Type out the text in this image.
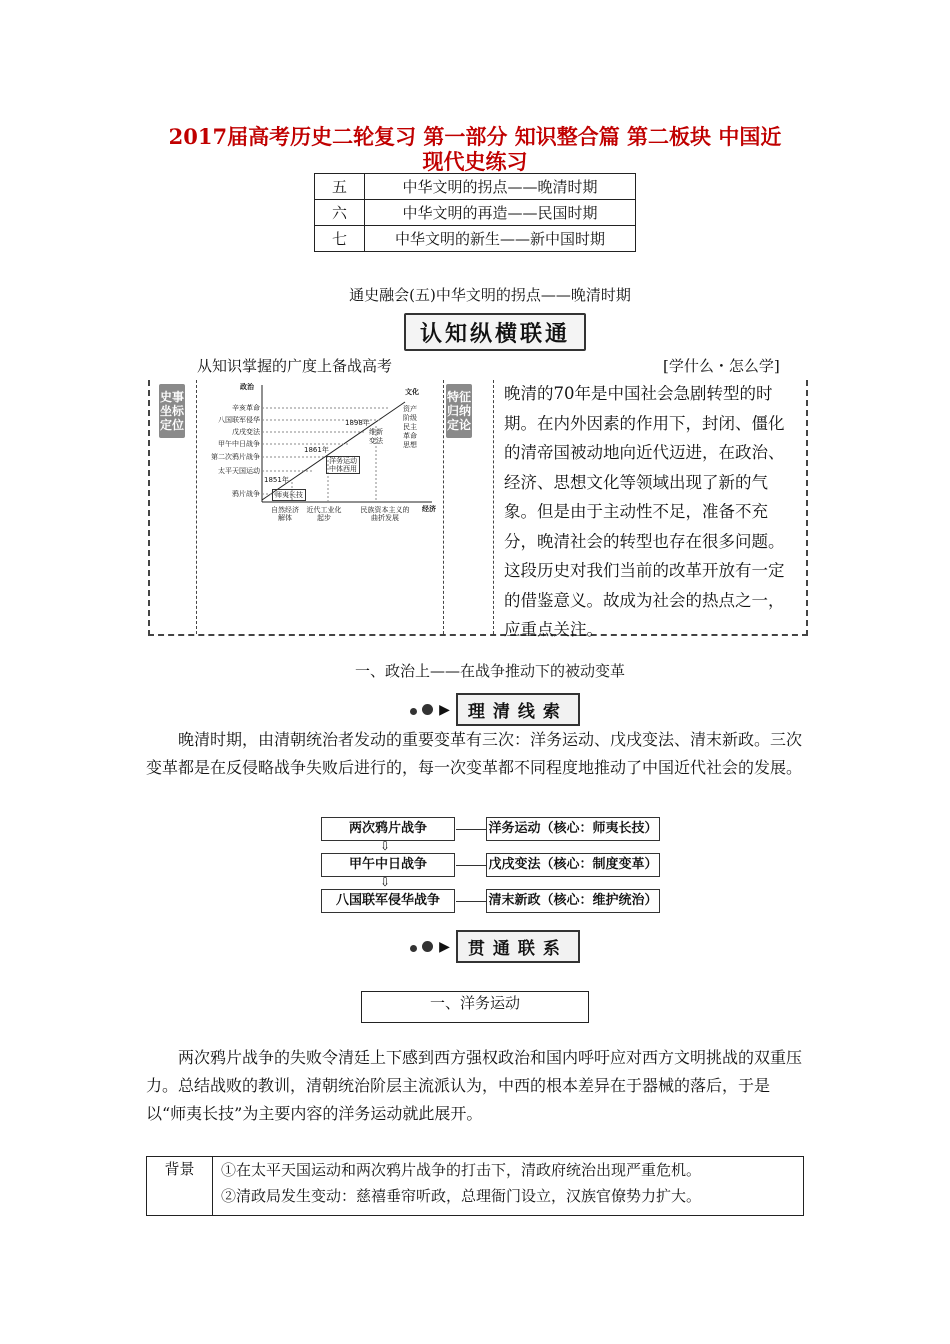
2017届高考历史二轮复习 第一部分 知识整合篇 第二板块 中国近
现代史练习
五	中华文明的拐点——晚清时期
六	中华文明的再造——民国时期
七	中华文明的新生——新中国时期
通史融会(五)中华文明的拐点——晚清时期
认知纵横联通
从知识掌握的广度上备战高考	[学什么・怎么学]
史事坐标定位
特征归纳定论
政治
文化
经济
辛亥革命
八国联军侵华
戊戌变法
甲午中日战争
第二次鸦片战争
太平天国运动
鸦片战争
1851年
1861年
1898年
师夷长技
洋务运动中体西用
维新变法
资产阶级民主革命思想
自然经济解体
近代工业化起步
民族资本主义的曲折发展
晚清的70年是中国社会急剧转型的时期。在内外因素的作用下，封闭、僵化的清帝国被动地向近代迈进，在政治、经济、思想文化等领域出现了新的气象。但是由于主动性不足，准备不充分，晚清社会的转型也存在很多问题。这段历史对我们当前的改革开放有一定的借鉴意义。故成为社会的热点之一，应重点关注。
一、政治上——在战争推动下的被动变革

▶	理清线索
晚清时期，由清朝统治者发动的重要变革有三次：洋务运动、戊戌变法、清末新政。三次变革都是在反侵略战争失败后进行的，每一次变革都不同程度地推动了中国近代社会的发展。
两次鸦片战争
甲午中日战争
八国联军侵华战争
洋务运动（核心：师夷长技）
戊戌变法（核心：制度变革）
清末新政（核心：维护统治）
⇩
⇩

▶	贯通联系
一、洋务运动
两次鸦片战争的失败令清廷上下感到西方强权政治和国内呼吁应对西方文明挑战的双重压力。总结战败的教训，清朝统治阶层主流派认为，中西的根本差异在于器械的落后，于是以“师夷长技”为主要内容的洋务运动就此展开。
背景	①在太平天国运动和两次鸦片战争的打击下，清政府统治出现严重危机。
②清政局发生变动：慈禧垂帘听政，总理衙门设立，汉族官僚势力扩大。
